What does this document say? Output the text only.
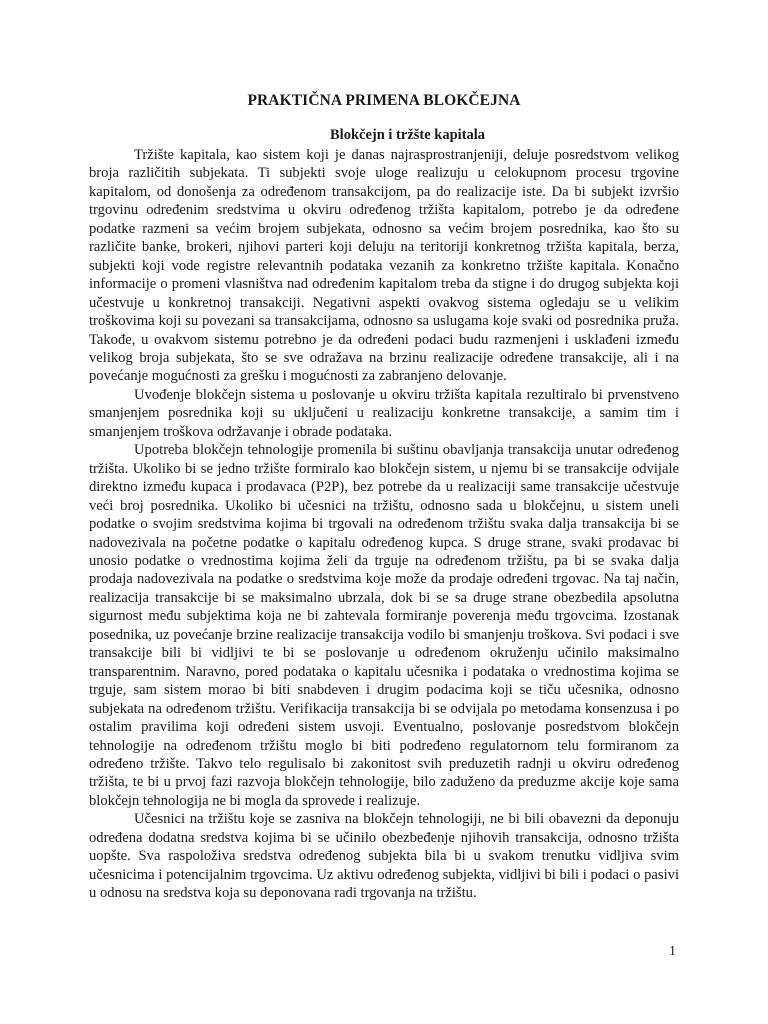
PRAKTIČNA PRIMENA BLOKČEJNA
Blokčejn i tržšte kapitala

Tržište kapitala, kao sistem koji je danas najrasprostranjeniji, deluje posredstvom velikog broja različitih subjekata. Ti subjekti svoje uloge realizuju u celokupnom procesu trgovine kapitalom, od donošenja za određenom transakcijom, pa do realizacije iste. Da bi subjekt izvršio trgovinu određenim sredstvima u okviru određenog tržišta kapitalom, potrebo je da određene podatke razmeni sa većim brojem subjekata, odnosno sa većim brojem posrednika, kao što su različite banke, brokeri, njihovi parteri koji deluju na teritoriji konkretnog tržišta kapitala, berza, subjekti koji vode registre relevantnih podataka vezanih za konkretno tržište kapitala. Konačno informacije o promeni vlasništva nad određenim kapitalom treba da stigne i do drugog subjekta koji učestvuje u konkretnoj transakciji. Negativni aspekti ovakvog sistema ogledaju se u velikim troškovima koji su povezani sa transakcijama, odnosno sa uslugama koje svaki od posrednika pruža. Takođe, u ovakvom sistemu potrebno je da određeni podaci budu razmenjeni i usklađeni između velikog broja subjekata, što se sve odražava na brzinu realizacije određene transakcije, ali i na povećanje mogućnosti za grešku i mogućnosti za zabranjeno delovanje.

Uvođenje blokčejn sistema u poslovanje u okviru tržišta kapitala rezultiralo bi prvenstveno smanjenjem posrednika koji su uključeni u realizaciju konkretne transakcije, a samim tim i smanjenjem troškova održavanje i obrade podataka.

Upotreba blokčejn tehnologije promenila bi suštinu obavljanja transakcija unutar određenog tržišta. Ukoliko bi se jedno tržište formiralo kao blokčejn sistem, u njemu bi se transakcije odvijale direktno između kupaca i prodavaca (P2P), bez potrebe da u realizaciji same transakcije učestvuje veći broj posrednika. Ukoliko bi učesnici na tržištu, odnosno sada u blokčejnu, u sistem uneli podatke o svojim sredstvima kojima bi trgovali na određenom tržištu svaka dalja transakcija bi se nadovezivala na početne podatke o kapitalu određenog kupca. S druge strane, svaki prodavac bi unosio podatke o vrednostima kojima želi da trguje na određenom tržištu, pa bi se svaka dalja prodaja nadovezivala na podatke o sredstvima koje može da prodaje određeni trgovac. Na taj način, realizacija transakcije bi se maksimalno ubrzala, dok bi se sa druge strane obezbedila apsolutna sigurnost među subjektima koja ne bi zahtevala formiranje poverenja među trgovcima. Izostanak posednika, uz povećanje brzine realizacije transakcija vodilo bi smanjenju troškova. Svi podaci i sve transakcije bili bi vidljivi te bi se poslovanje u određenom okruženju učinilo maksimalno transparentnim. Naravno, pored podataka o kapitalu učesnika i podataka o vrednostima kojima se trguje, sam sistem morao bi biti snabdeven i drugim podacima koji se tiču učesnika, odnosno subjekata na određenom tržištu. Verifikacija transakcija bi se odvijala po metodama konsenzusa i po ostalim pravilima koji određeni sistem usvoji. Eventualno, poslovanje posredstvom blokčejn tehnologije na određenom tržištu moglo bi biti podređeno regulatornom telu formiranom za određeno tržište. Takvo telo regulisalo bi zakonitost svih preduzetih radnji u okviru određenog tržišta, te bi u prvoj fazi razvoja blokčejn tehnologije, bilo zaduženo da preduzme akcije koje sama blokčejn tehnologija ne bi mogla da sprovede i realizuje.

Učesnici na tržištu koje se zasniva na blokčejn tehnologiji, ne bi bili obavezni da deponuju određena dodatna sredstva kojima bi se učinilo obezbeđenje njihovih transakcija, odnosno tržišta uopšte. Sva raspoloživa sredstva određenog subjekta bila bi u svakom trenutku vidljiva svim učesnicima i potencijalnim trgovcima. Uz aktivu određenog subjekta, vidljivi bi bili i podaci o pasivi u odnosu na sredstva koja su deponovana radi trgovanja na tržištu.

1
